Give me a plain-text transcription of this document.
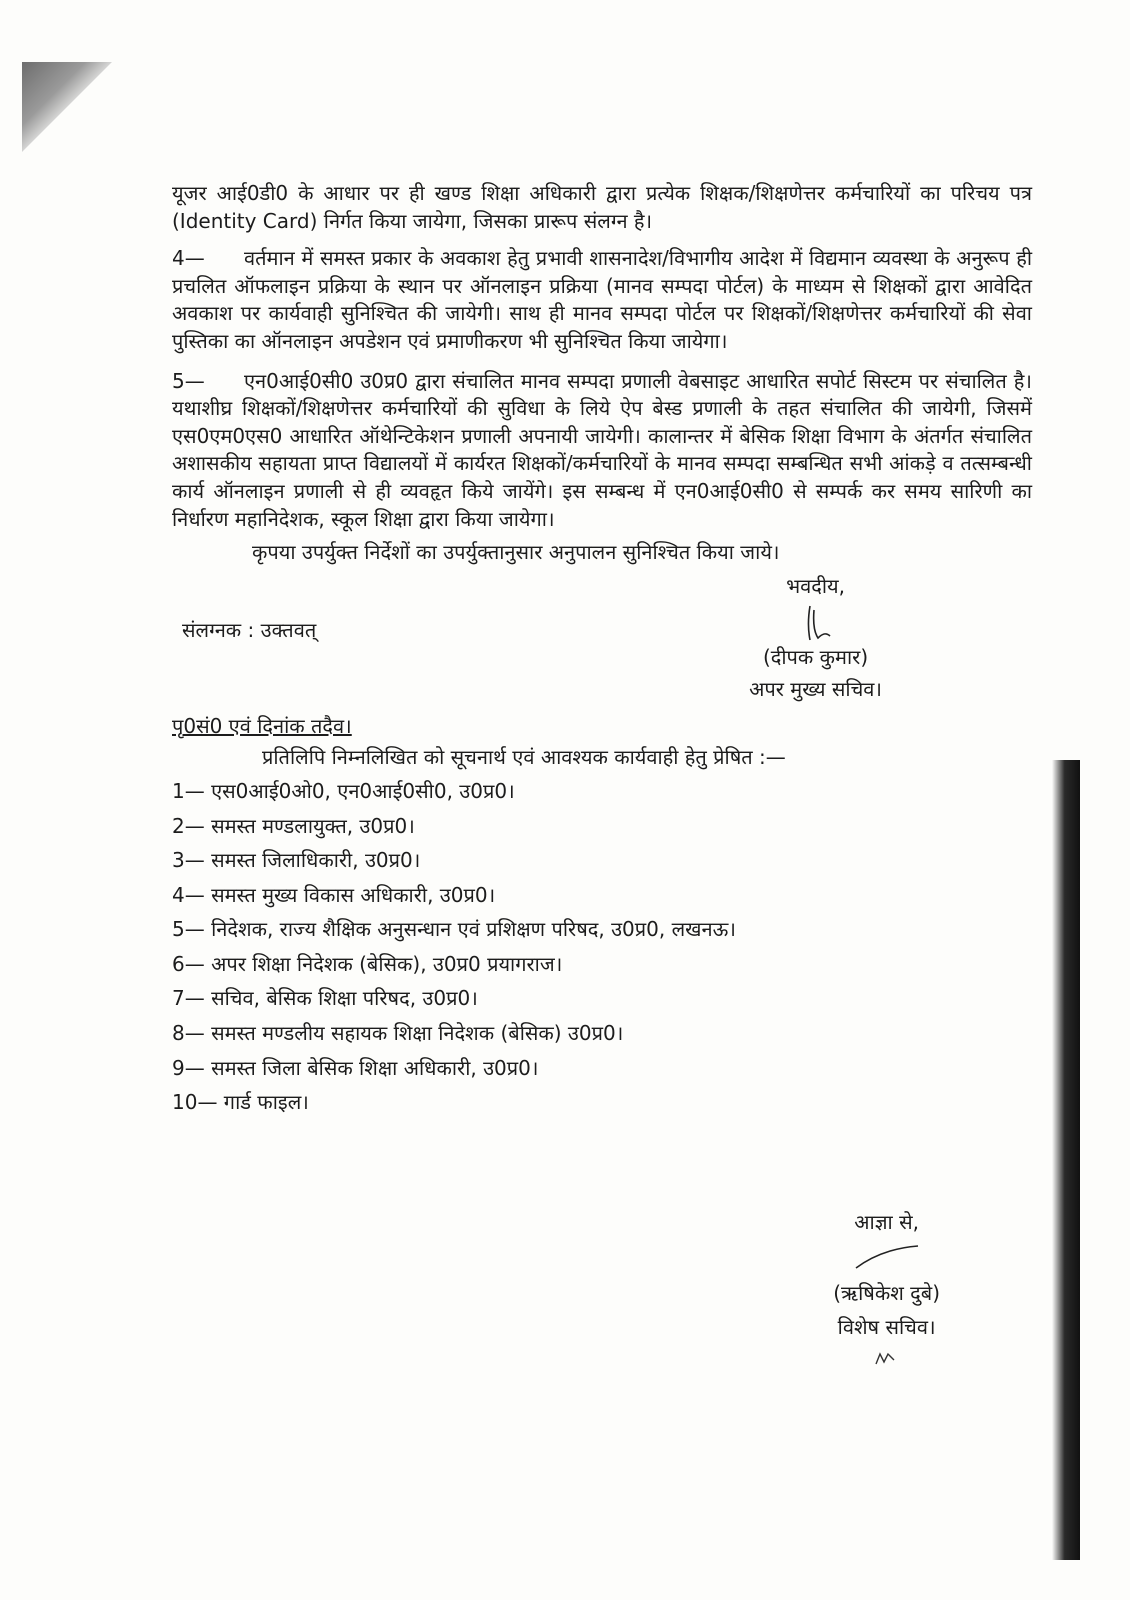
यूजर आई0डी0 के आधार पर ही खण्ड शिक्षा अधिकारी द्वारा प्रत्येक शिक्षक/शिक्षणेत्तर कर्मचारियों का परिचय पत्र (Identity Card) निर्गत किया जायेगा, जिसका प्रारूप संलग्न है।

4— वर्तमान में समस्त प्रकार के अवकाश हेतु प्रभावी शासनादेश/विभागीय आदेश में विद्यमान व्यवस्था के अनुरूप ही प्रचलित ऑफलाइन प्रक्रिया के स्थान पर ऑनलाइन प्रक्रिया (मानव सम्पदा पोर्टल) के माध्यम से शिक्षकों द्वारा आवेदित अवकाश पर कार्यवाही सुनिश्चित की जायेगी। साथ ही मानव सम्पदा पोर्टल पर शिक्षकों/शिक्षणेत्तर कर्मचारियों की सेवा पुस्तिका का ऑनलाइन अपडेशन एवं प्रमाणीकरण भी सुनिश्चित किया जायेगा।

5— एन0आई0सी0 उ0प्र0 द्वारा संचालित मानव सम्पदा प्रणाली वेबसाइट आधारित सपोर्ट सिस्टम पर संचालित है। यथाशीघ्र शिक्षकों/शिक्षणेत्तर कर्मचारियों की सुविधा के लिये ऐप बेस्ड प्रणाली के तहत संचालित की जायेगी, जिसमें एस0एम0एस0 आधारित ऑथेन्टिकेशन प्रणाली अपनायी जायेगी। कालान्तर में बेसिक शिक्षा विभाग के अंतर्गत संचालित अशासकीय सहायता प्राप्त विद्यालयों में कार्यरत शिक्षकों/कर्मचारियों के मानव सम्पदा सम्बन्धित सभी आंकड़े व तत्सम्बन्धी कार्य ऑनलाइन प्रणाली से ही व्यवहृत किये जायेंगे। इस सम्बन्ध में एन0आई0सी0 से सम्पर्क कर समय सारिणी का निर्धारण महानिदेशक, स्कूल शिक्षा द्वारा किया जायेगा।

कृपया उपर्युक्त निर्देशों का उपर्युक्तानुसार अनुपालन सुनिश्चित किया जाये।

संलग्नक : उक्तवत्
भवदीय,
(दीपक कुमार)
अपर मुख्य सचिव।
पृ0सं0 एवं दिनांक तदैव।
प्रतिलिपि निम्नलिखित को सूचनार्थ एवं आवश्यक कार्यवाही हेतु प्रेषित :—
1— एस0आई0ओ0, एन0आई0सी0, उ0प्र0।
2— समस्त मण्डलायुक्त, उ0प्र0।
3— समस्त जिलाधिकारी, उ0प्र0।
4— समस्त मुख्य विकास अधिकारी, उ0प्र0।
5— निदेशक, राज्य शैक्षिक अनुसन्धान एवं प्रशिक्षण परिषद, उ0प्र0, लखनऊ।
6— अपर शिक्षा निदेशक (बेसिक), उ0प्र0 प्रयागराज।
7— सचिव, बेसिक शिक्षा परिषद, उ0प्र0।
8— समस्त मण्डलीय सहायक शिक्षा निदेशक (बेसिक) उ0प्र0।
9— समस्त जिला बेसिक शिक्षा अधिकारी, उ0प्र0।
10— गार्ड फाइल।
आज्ञा से,
(ऋषिकेश दुबे)
विशेष सचिव।
